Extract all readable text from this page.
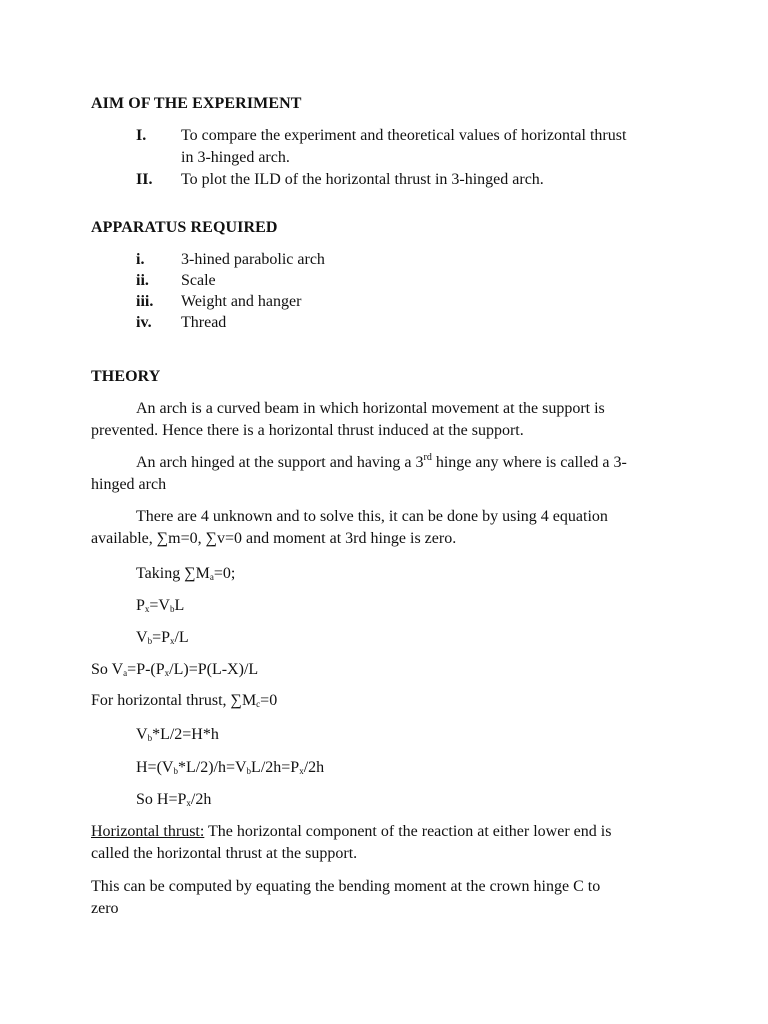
AIM OF THE EXPERIMENT
I. To compare the experiment and theoretical values of horizontal thrust
in 3-hinged arch.
II. To plot the ILD of the horizontal thrust in 3-hinged arch.
APPARATUS REQUIRED
i. 3-hined parabolic arch
ii. Scale
iii. Weight and hanger
iv. Thread
THEORY
An arch is a curved beam in which horizontal movement at the support is
prevented. Hence there is a horizontal thrust induced at the support.
An arch hinged at the support and having a 3rd hinge any where is called a 3-
hinged arch
There are 4 unknown and to solve this, it can be done by using 4 equation
available, ∑m=0, ∑v=0 and moment at 3rd hinge is zero.
Taking $\sum M_a=0$;
$P_x=V_bL$
$V_b=P_x/L$
So $V_a=P-(P_x/L)=P(L-X)/L$
For horizontal thrust, $\sum M_c=0$
$V_b*L/2=H*h$
$H=(V_b*L/2)/h=V_bL/2h=P_x/2h$
So $H=P_x/2h$
Horizontal thrust: The horizontal component of the reaction at either lower end is
called the horizontal thrust at the support.
This can be computed by equating the bending moment at the crown hinge C to
zero
